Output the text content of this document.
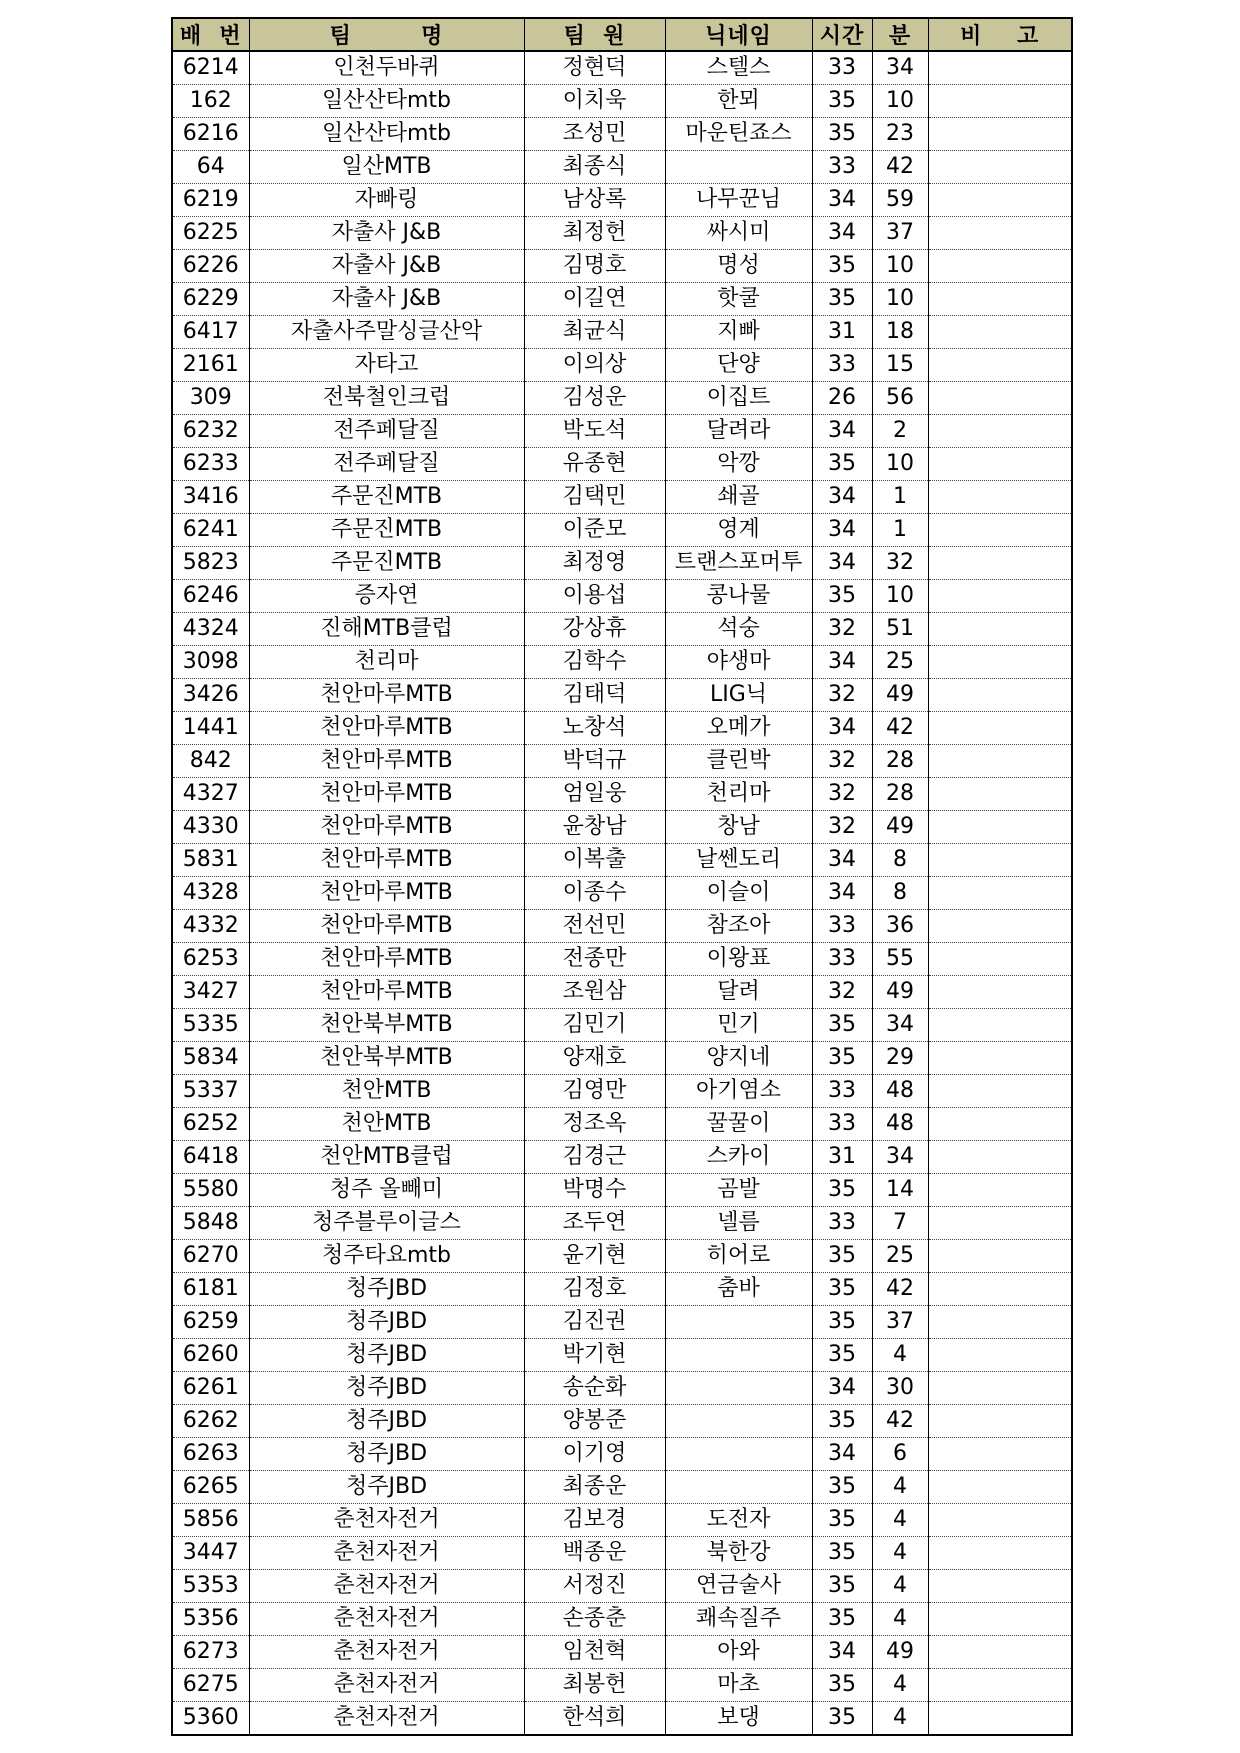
배  번	팀        명	팀  원	닉네임	시간	분	비    고
6214	인천두바퀴	정현덕	스텔스	33	34	
162	일산산타mtb	이치욱	한뫼	35	10	
6216	일산산타mtb	조성민	마운틴죠스	35	23	
64	일산MTB	최종식		33	42	
6219	자빠링	남상록	나무꾼님	34	59	
6225	자출사 J&B	최정헌	싸시미	34	37	
6226	자출사 J&B	김명호	명성	35	10	
6229	자출사 J&B	이길연	핫쿨	35	10	
6417	자출사주말싱글산악	최균식	지빠	31	18	
2161	자타고	이의상	단양	33	15	
309	전북철인크럽	김성운	이집트	26	56	
6232	전주페달질	박도석	달려라	34	2	
6233	전주페달질	유종현	악깡	35	10	
3416	주문진MTB	김택민	쇄골	34	1	
6241	주문진MTB	이준모	영계	34	1	
5823	주문진MTB	최정영	트랜스포머투	34	32	
6246	증자연	이용섭	콩나물	35	10	
4324	진해MTB클럽	강상휴	석숭	32	51	
3098	천리마	김학수	야생마	34	25	
3426	천안마루MTB	김태덕	LIG닉	32	49	
1441	천안마루MTB	노창석	오메가	34	42	
842	천안마루MTB	박덕규	클린박	32	28	
4327	천안마루MTB	엄일웅	천리마	32	28	
4330	천안마루MTB	윤창남	창남	32	49	
5831	천안마루MTB	이복출	날쎈도리	34	8	
4328	천안마루MTB	이종수	이슬이	34	8	
4332	천안마루MTB	전선민	참조아	33	36	
6253	천안마루MTB	전종만	이왕표	33	55	
3427	천안마루MTB	조원삼	달려	32	49	
5335	천안북부MTB	김민기	민기	35	34	
5834	천안북부MTB	양재호	양지네	35	29	
5337	천안MTB	김영만	아기염소	33	48	
6252	천안MTB	정조옥	꿀꿀이	33	48	
6418	천안MTB클럽	김경근	스카이	31	34	
5580	청주 올빼미	박명수	곰발	35	14	
5848	청주블루이글스	조두연	넬름	33	7	
6270	청주타요mtb	윤기현	히어로	35	25	
6181	청주JBD	김정호	춤바	35	42	
6259	청주JBD	김진권		35	37	
6260	청주JBD	박기현		35	4	
6261	청주JBD	송순화		34	30	
6262	청주JBD	양봉준		35	42	
6263	청주JBD	이기영		34	6	
6265	청주JBD	최종운		35	4	
5856	춘천자전거	김보경	도전자	35	4	
3447	춘천자전거	백종운	북한강	35	4	
5353	춘천자전거	서정진	연금술사	35	4	
5356	춘천자전거	손종춘	쾌속질주	35	4	
6273	춘천자전거	임천혁	아와	34	49	
6275	춘천자전거	최봉헌	마초	35	4	
5360	춘천자전거	한석희	보댕	35	4	
